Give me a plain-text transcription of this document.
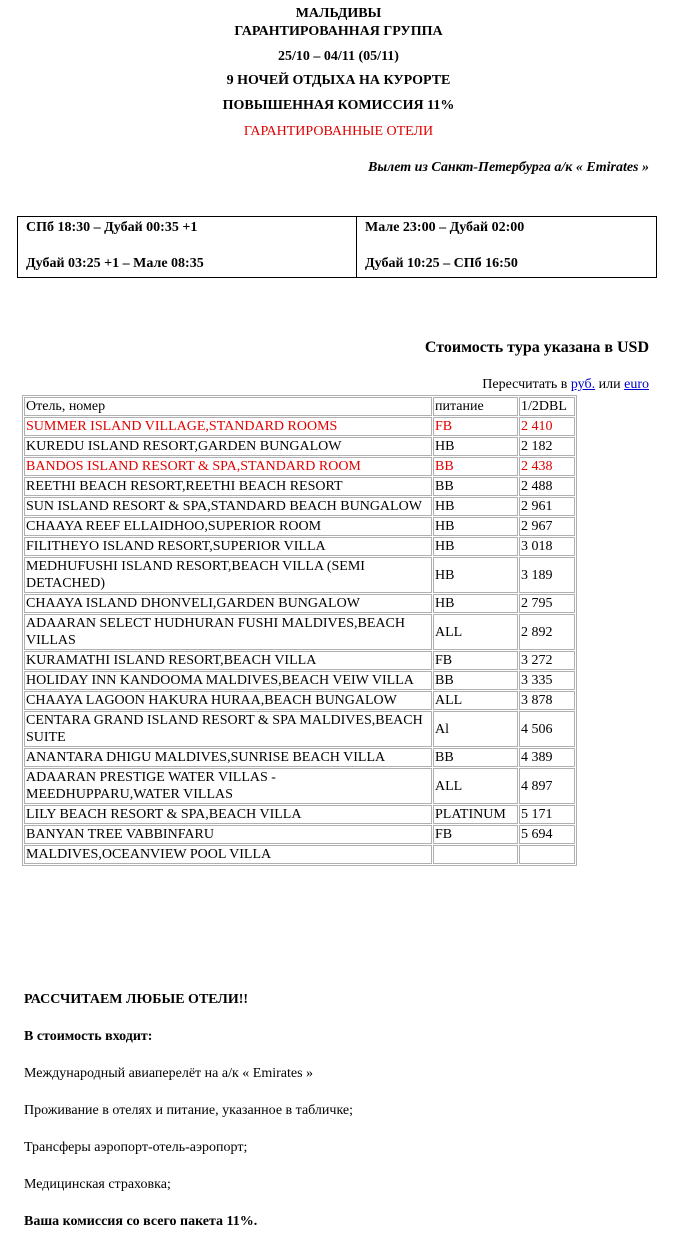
МАЛЬДИВЫ
ГАРАНТИРОВАННАЯ ГРУППА
25/10 – 04/11 (05/11)
9 НОЧЕЙ ОТДЫХА НА КУРОРТЕ
ПОВЫШЕННАЯ КОМИССИЯ 11%
ГАРАНТИРОВАННЫЕ ОТЕЛИ
Вылет из Санкт-Петербурга а/к « Emirates »
СПб 18:30 – Дубай 00:35 +1
Дубай 03:25 +1 – Мале 08:35
Мале 23:00 – Дубай 02:00
Дубай 10:25 – СПб 16:50
Стоимость тура указана в USD
Пересчитать в руб. или euro
Отель, номер	питание	1/2DBL
SUMMER ISLAND VILLAGE,STANDARD ROOMS	FB	2 410
KUREDU ISLAND RESORT,GARDEN BUNGALOW	HB	2 182
BANDOS ISLAND RESORT & SPA,STANDARD ROOM	BB	2 438
REETHI BEACH RESORT,REETHI BEACH RESORT	BB	2 488
SUN ISLAND RESORT & SPA,STANDARD BEACH BUNGALOW	HB	2 961
CHAAYA REEF ELLAIDHOO,SUPERIOR ROOM	HB	2 967
FILITHEYO ISLAND RESORT,SUPERIOR VILLA	HB	3 018
MEDHUFUSHI ISLAND RESORT,BEACH VILLA (SEMI DETACHED)	HB	3 189
CHAAYA ISLAND DHONVELI,GARDEN BUNGALOW	HB	2 795
ADAARAN SELECT HUDHURAN FUSHI MALDIVES,BEACH VILLAS	ALL	2 892
KURAMATHI ISLAND RESORT,BEACH VILLA	FB	3 272
HOLIDAY INN KANDOOMA MALDIVES,BEACH VEIW VILLA	BB	3 335
CHAAYA LAGOON HAKURA HURAA,BEACH BUNGALOW	ALL	3 878
CENTARA GRAND ISLAND RESORT & SPA MALDIVES,BEACH SUITE	Al	4 506
ANANTARA DHIGU MALDIVES,SUNRISE BEACH VILLA	BB	4 389
ADAARAN PRESTIGE WATER VILLAS - MEEDHUPPARU,WATER VILLAS	ALL	4 897
LILY BEACH RESORT & SPA,BEACH VILLA	PLATINUM	5 171
BANYAN TREE VABBINFARU	FB	5 694
MALDIVES,OCEANVIEW POOL VILLA		
РАССЧИТАЕМ ЛЮБЫЕ ОТЕЛИ!!
В стоимость входит:
Международный авиаперелёт на а/к « Emirates »
Проживание в отелях и питание, указанное в табличке;
Трансферы аэропорт-отель-аэропорт;
Медицинская страховка;
Ваша комиссия со всего пакета 11%.
